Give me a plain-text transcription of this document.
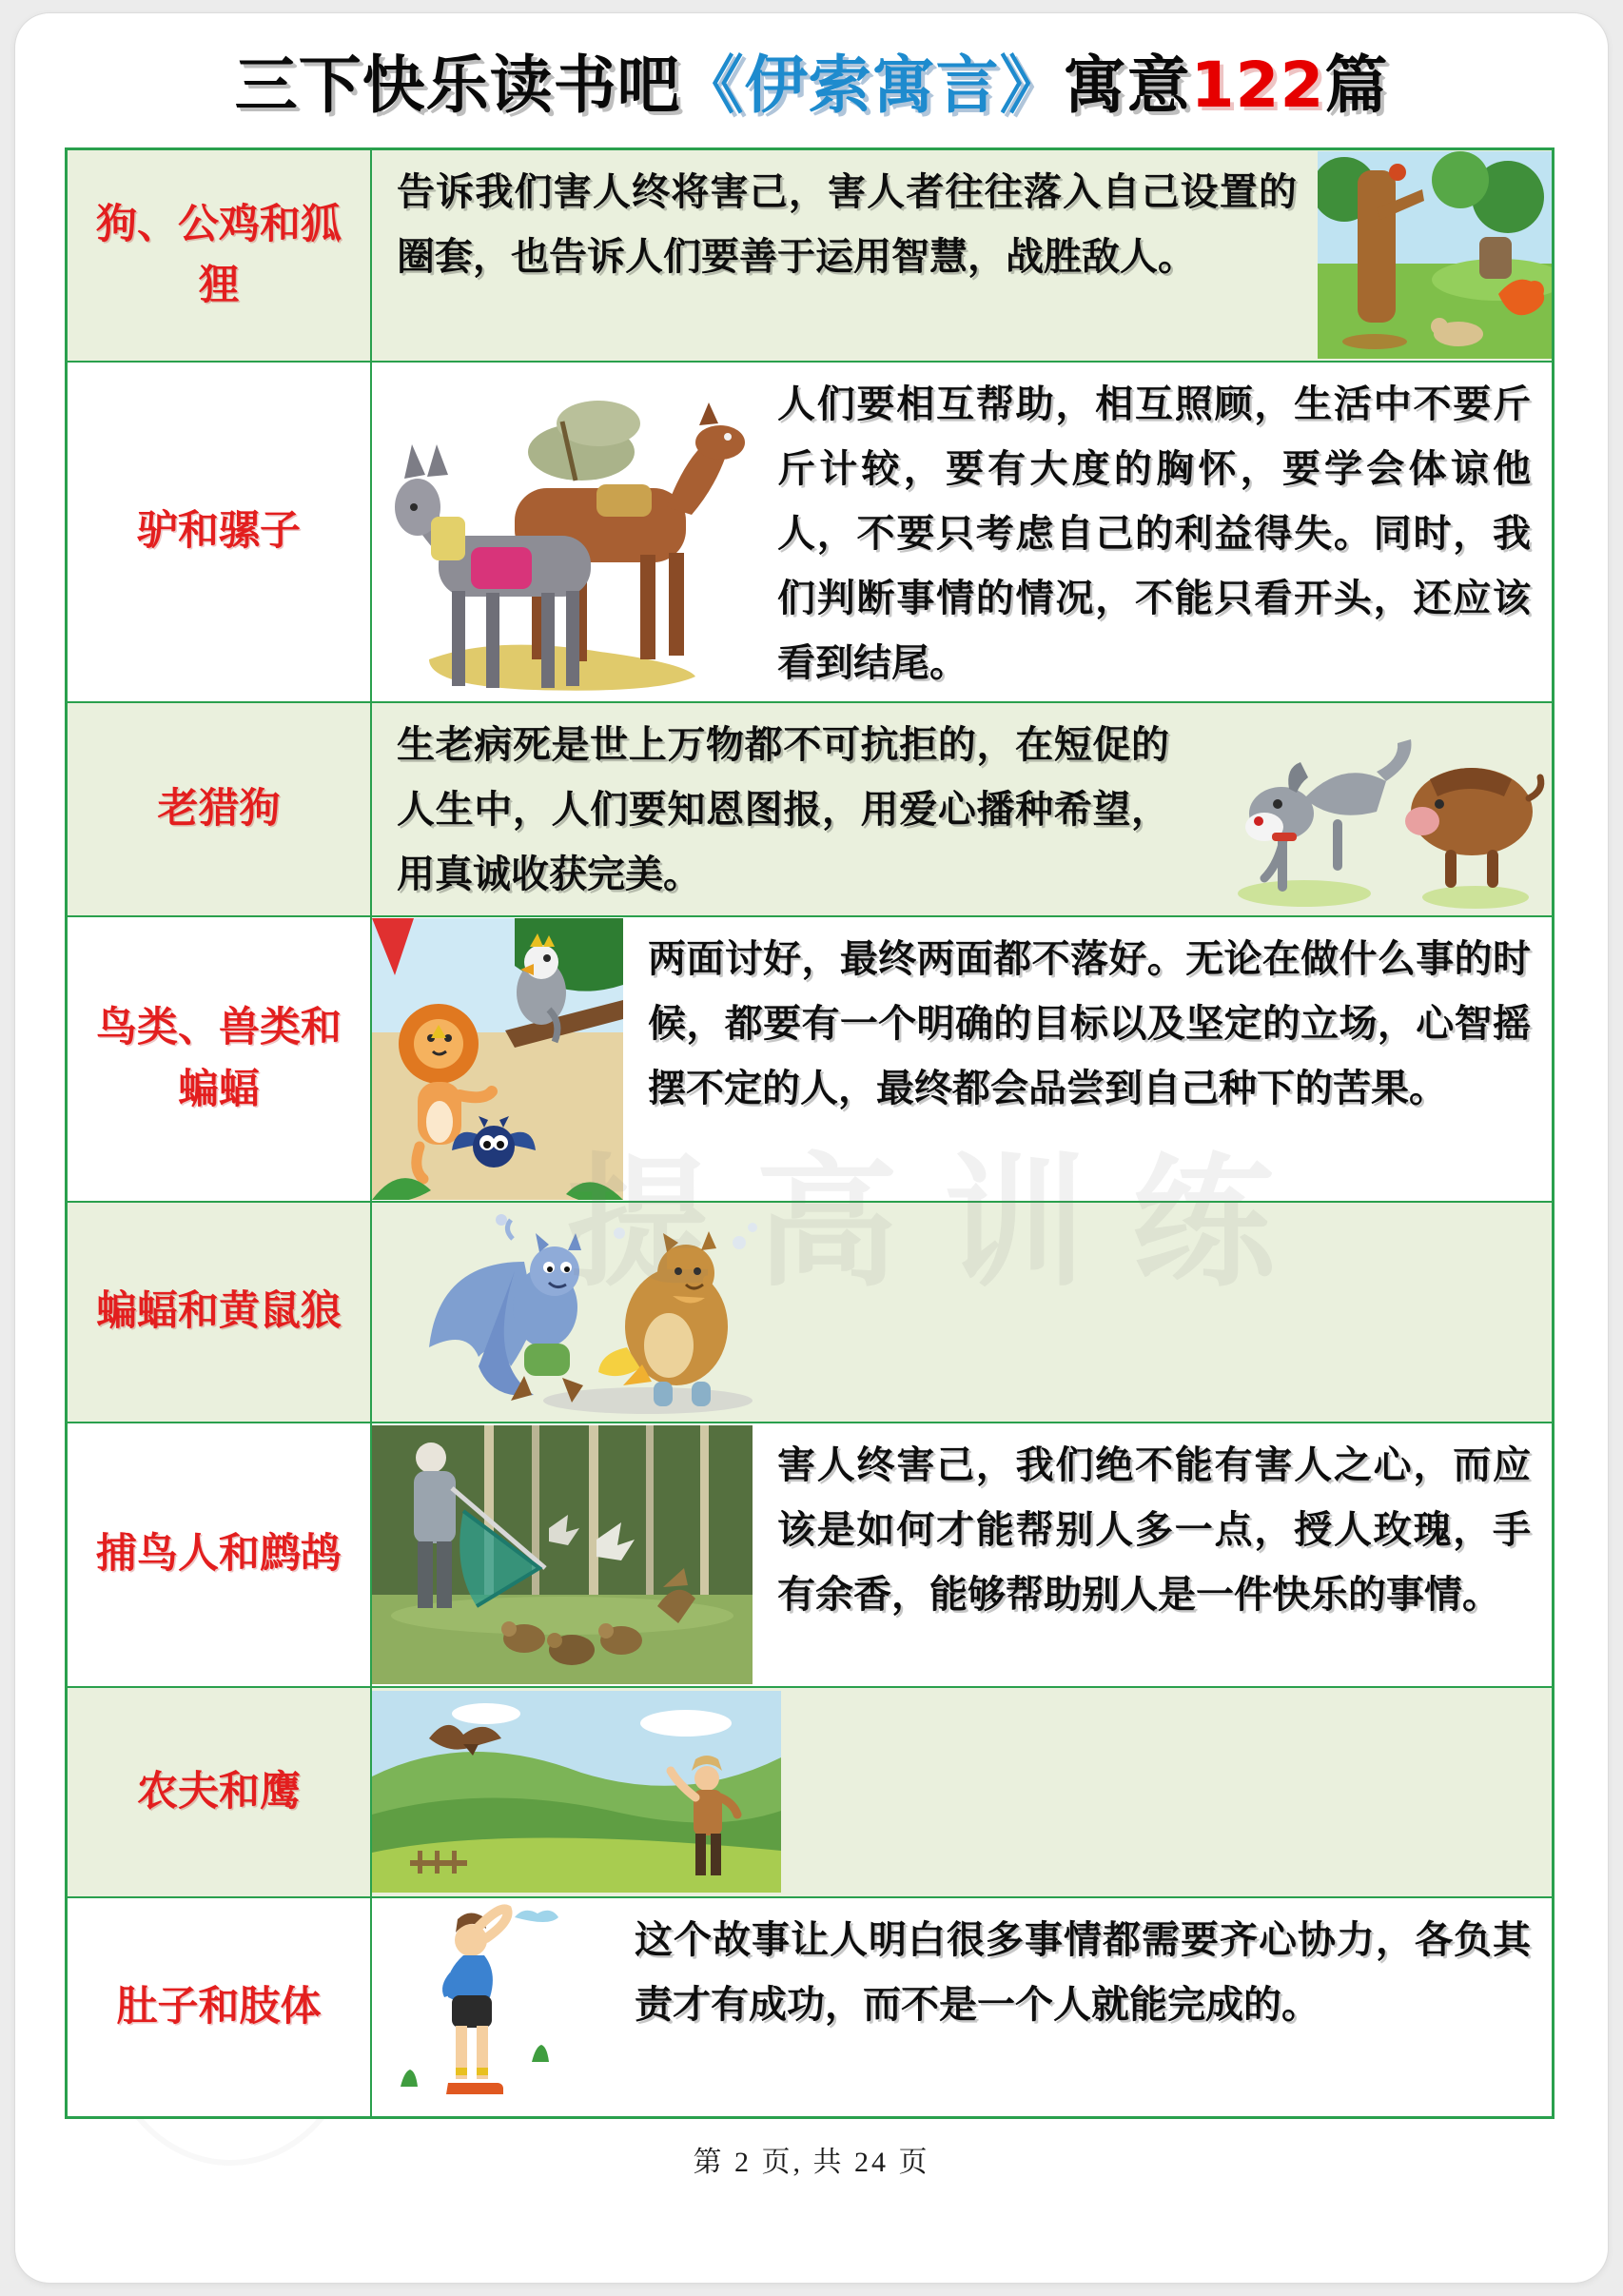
三下快乐读书吧《伊索寓言》寓意122篇
狗、公鸡和狐狸
告诉我们害人终将害己，害人者往往落入自己设置的圈套，也告诉人们要善于运用智慧，战胜敌人。
驴和骡子
人们要相互帮助，相互照顾，生活中不要斤斤计较，要有大度的胸怀，要学会体谅他人，不要只考虑自己的利益得失。同时，我们判断事情的情况，不能只看开头，还应该看到结尾。
老猎狗
生老病死是世上万物都不可抗拒的，在短促的人生中，人们要知恩图报，用爱心播种希望，用真诚收获完美。
鸟类、兽类和蝙蝠
两面讨好，最终两面都不落好。无论在做什么事的时候，都要有一个明确的目标以及坚定的立场，心智摇摆不定的人，最终都会品尝到自己种下的苦果。
蝙蝠和黄鼠狼
捕鸟人和鹧鸪
害人终害己，我们绝不能有害人之心，而应该是如何才能帮别人多一点，授人玫瑰，手有余香，能够帮助别人是一件快乐的事情。
农夫和鹰
肚子和肢体
这个故事让人明白很多事情都需要齐心协力，各负其责才有成功，而不是一个人就能完成的。
第 2 页, 共 24 页
